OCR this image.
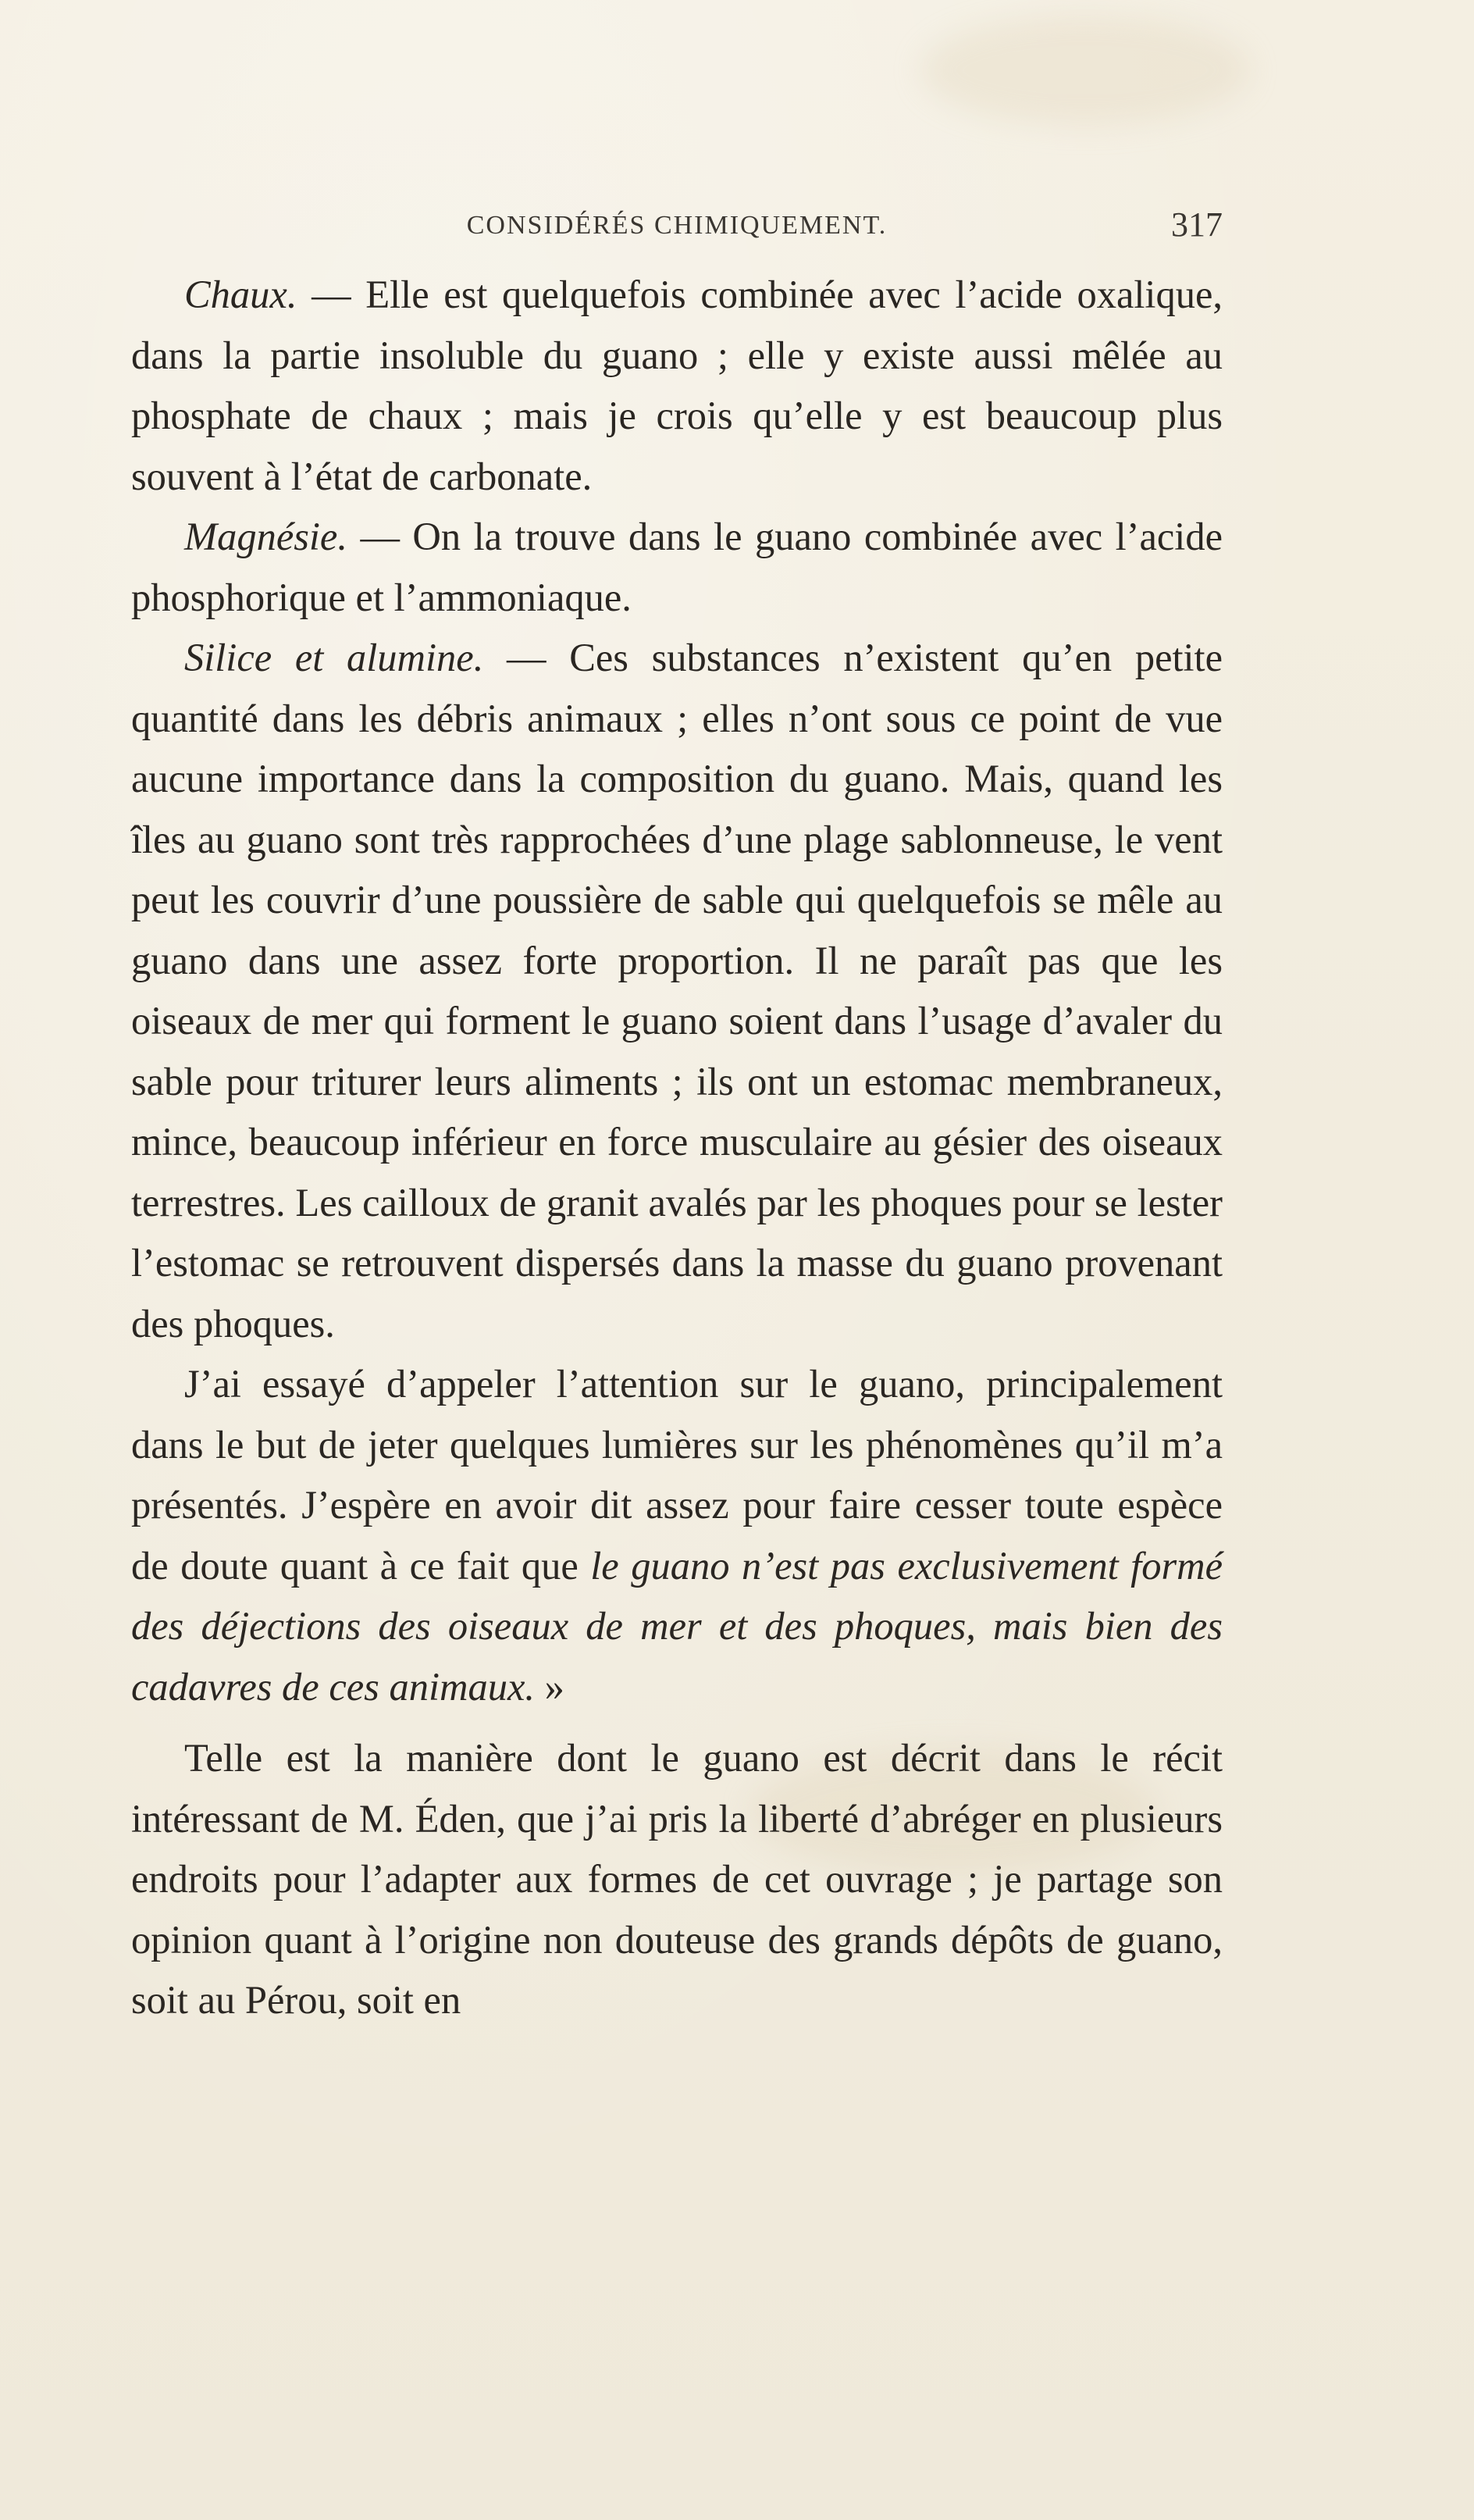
CONSIDÉRÉS CHIMIQUEMENT.	317

Chaux. — Elle est quelquefois combinée avec l’acide oxalique, dans la partie insoluble du guano ; elle y existe aussi mêlée au phosphate de chaux ; mais je crois qu’elle y est beaucoup plus souvent à l’état de carbonate.

Magnésie. — On la trouve dans le guano combinée avec l’acide phosphorique et l’ammoniaque.

Silice et alumine. — Ces substances n’existent qu’en petite quantité dans les débris animaux ; elles n’ont sous ce point de vue aucune importance dans la composition du guano. Mais, quand les îles au guano sont très rapprochées d’une plage sablonneuse, le vent peut les couvrir d’une poussière de sable qui quelquefois se mêle au guano dans une assez forte proportion. Il ne paraît pas que les oiseaux de mer qui forment le guano soient dans l’usage d’avaler du sable pour triturer leurs aliments ; ils ont un estomac membraneux, mince, beaucoup inférieur en force musculaire au gésier des oiseaux terrestres. Les cailloux de granit avalés par les phoques pour se lester l’estomac se retrouvent dispersés dans la masse du guano provenant des phoques.

J’ai essayé d’appeler l’attention sur le guano, principalement dans le but de jeter quelques lumières sur les phénomènes qu’il m’a présentés. J’espère en avoir dit assez pour faire cesser toute espèce de doute quant à ce fait que le guano n’est pas exclusivement formé des déjections des oiseaux de mer et des phoques, mais bien des cadavres de ces animaux. »

Telle est la manière dont le guano est décrit dans le récit intéressant de M. Éden, que j’ai pris la liberté d’abréger en plusieurs endroits pour l’adapter aux formes de cet ouvrage ; je partage son opinion quant à l’origine non douteuse des grands dépôts de guano, soit au Pérou, soit en
